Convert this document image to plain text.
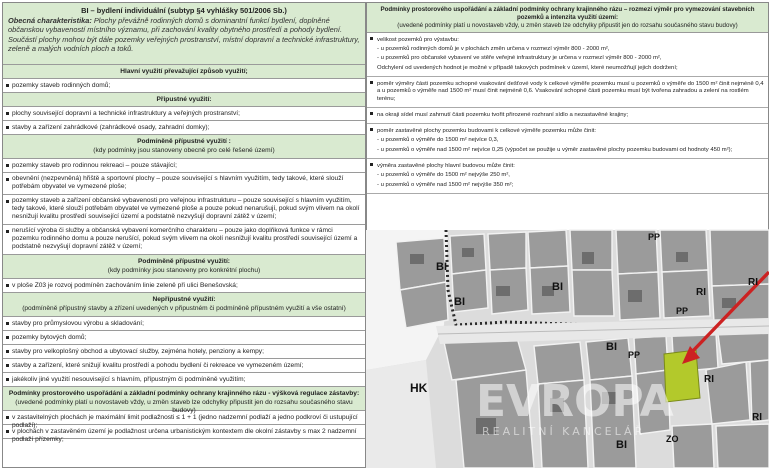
BI – bydlení individuální (subtyp §4 vyhlášky 501/2006 Sb.)
Obecná charakteristika: Plochy převážně rodinných domů s dominantní funkcí bydlení, doplněné občanskou vybaveností místního významu, při zachování kvality obytného prostředí a pohody bydlení. Součástí plochy mohou být dále pozemky veřejných prostranství, místní dopravní a technické infrastruktury, zeleně a malých vodních ploch a toků.
Hlavní využití převažující způsob využití;
pozemky staveb rodinných domů;
Připustné využití:
plochy související dopravní a technické infrastruktury a veřejných prostranství;
stavby a zařízení zahrádkové (zahrádkové osady, zahradní domky);
Podmíněně přípustné využití :
(kdy podmínky jsou stanoveny obecně pro celé řešené území)
pozemky staveb pro rodinnou rekreaci – pouze stávající;
obevnění (nezpevněná) hřiště a sportovní plochy – pouze související s hlavním využitím, tedy takové, které slouží potřebám obyvatel ve vymezené ploše;
pozemky staveb a zařízení občanské vybavenosti pro veřejnou infrastrukturu – pouze související s hlavním využitím, tedy takové, které slouží potřebám obyvatel ve vymezené ploše a pouze pokud nenarušují, pokud svým vlivem na okolí nesnižují kvalitu prostředí související území a podstatně nezvyšují dopravní zátěž v území;
nerušící výroba či služby a občanská vybavení komerčního charakteru – pouze jako doplňková funkce v rámci pozemku rodinného domu a pouze nerušící, pokud svým vlivem na okolí nesnižují kvalitu prostředí související území a podstatně nezvyšují dopravní zátěž v území;
Podmíněně přípustné využití:
(kdy podmínky jsou stanoveny pro konkrétní plochu)
v ploše Z03 je rozvoj podmíněn zachováním linie zeleně při ulici Benešovská;
Nepřípustné využití:
(podmíněně přípustný stavby a zřízení uvedených v připustném či podmíněně přípustném využití a vše ostatní)
stavby pro průmyslovou výrobu a skladování;
pozemky bytových domů;
stavby pro velkoplošný obchod a ubytovací služby, zejména hotely, penziony a kempy;
stavby a zařízení, které snižují kvalitu prostředí a pohodu bydlení či rekreace ve vymezeném území;
jakékoliv jiné využití nesouvisející s hlavním, přípustným či podmíněně využitím;
Podmínky prostorového uspořádání a základní podmínky ochrany krajinného rázu - výšková regulace zástavby:
(uvedené podmínky platí u novostaveb vždy, u změn staveb lze odchylky připustit jen do rozsahu současného stavu budovy)
v zastavitelných plochách je maximální limit podlažnosti ≤ 1 + 1 (jedno nadzemní podlaží a jedno podkroví či ustupující podlaží);
v plochách v zastavěném území je podlažnost určena urbanistickým kontextem dle okolní zástavby s max 2 nadzemní podlaží přízemky;
Podmínky prostorového uspořádání a základní podmínky ochrany krajinného rázu – rozmezí výměr pro vymezování stavebních pozemků a intenzita využití území:
(uvedené podmínky platí u novostaveb vždy, u změn staveb lze odchylky připustit jen do rozsahu současného stavu budovy)
velikost pozemků pro výstavbu:
- u pozemků rodinných domů je v plochách změn určena v rozmezí výměr 800 - 2000 m²,
- u pozemků pro občanské vybavení ve stěře veřejné infrastruktury je určena v rozmezí výměr 800 - 2000 m²,
Odchylení od uvedených hodnot je možné v případě takových podmínek v území, které neumožňují jejich dodržení;
poměr výměry části pozemku schopné vsakování dešťové vody k celkové výměře pozemku musí u pozemků o výměře do 1500 m² činit nejméně 0,4 a u pozemků o výměře nad 1500 m² musí činit nejméně 0,6. Vsakování schopné části pozemku musí být tvořena zahradou a zelení na rostlém terénu;
na okraji sídel musí zahrnutí části pozemku tvořit přirozené rozhraní sídlo a nezastavěné krajiny;
poměr zastavěné plochy pozemku budovami k celkové výměře pozemku může činit:
- u pozemků o výměře do 1500 m² nejvíce 0,3,
- u pozemků o výměře nad 1500 m² nejvíce 0,25 (výpočet se použije u výměr zastavěné plochy pozemku budovami od hodnoty 450 m²);
výměra zastavěné plochy hlavní budovou může činit:
- u pozemků o výměře do 1500 m² nejvýše 250 m²,
- u pozemků o výměře nad 1500 m² nejvýše 350 m²;
BI
BI
BI
BI
BI
RI
RI
RI
RI
HK
PP
PP
PP
ZO
EVROPA
REALITNÍ KANCELÁŘ
